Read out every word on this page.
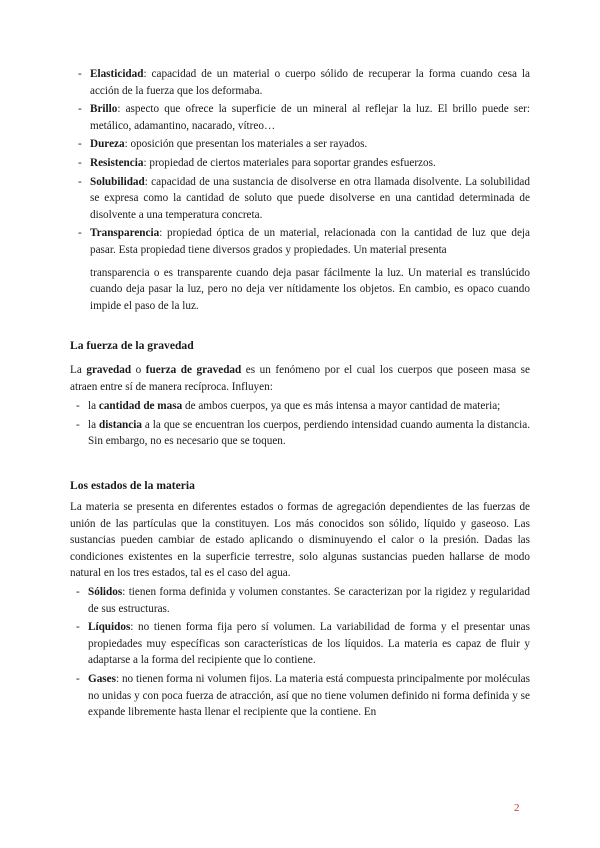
- Elasticidad: capacidad de un material o cuerpo sólido de recuperar la forma cuando cesa la acción de la fuerza que los deformaba.
- Brillo: aspecto que ofrece la superficie de un mineral al reflejar la luz. El brillo puede ser: metálico, adamantino, nacarado, vítreo…
- Dureza: oposición que presentan los materiales a ser rayados.
- Resistencia: propiedad de ciertos materiales para soportar grandes esfuerzos.
- Solubilidad: capacidad de una sustancia de disolverse en otra llamada disolvente. La solubilidad se expresa como la cantidad de soluto que puede disolverse en una cantidad determinada de disolvente a una temperatura concreta.
- Transparencia: propiedad óptica de un material, relacionada con la cantidad de luz que deja pasar. Esta propiedad tiene diversos grados y propiedades. Un material presenta
transparencia o es transparente cuando deja pasar fácilmente la luz. Un material es translúcido cuando deja pasar la luz, pero no deja ver nítidamente los objetos. En cambio, es opaco cuando impide el paso de la luz.
La fuerza de la gravedad
La gravedad o fuerza de gravedad es un fenómeno por el cual los cuerpos que poseen masa se atraen entre sí de manera recíproca. Influyen:
- la cantidad de masa de ambos cuerpos, ya que es más intensa a mayor cantidad de materia;
- la distancia a la que se encuentran los cuerpos, perdiendo intensidad cuando aumenta la distancia. Sin embargo, no es necesario que se toquen.
Los estados de la materia
La materia se presenta en diferentes estados o formas de agregación dependientes de las fuerzas de unión de las partículas que la constituyen. Los más conocidos son sólido, líquido y gaseoso. Las sustancias pueden cambiar de estado aplicando o disminuyendo el calor o la presión. Dadas las condiciones existentes en la superficie terrestre, solo algunas sustancias pueden hallarse de modo natural en los tres estados, tal es el caso del agua.
- Sólidos: tienen forma definida y volumen constantes. Se caracterizan por la rigidez y regularidad de sus estructuras.
- Líquidos: no tienen forma fija pero sí volumen. La variabilidad de forma y el presentar unas propiedades muy específicas son características de los líquidos. La materia es capaz de fluir y adaptarse a la forma del recipiente que lo contiene.
- Gases: no tienen forma ni volumen fijos. La materia está compuesta principalmente por moléculas no unidas y con poca fuerza de atracción, así que no tiene volumen definido ni forma definida y se expande libremente hasta llenar el recipiente que la contiene. En
2
